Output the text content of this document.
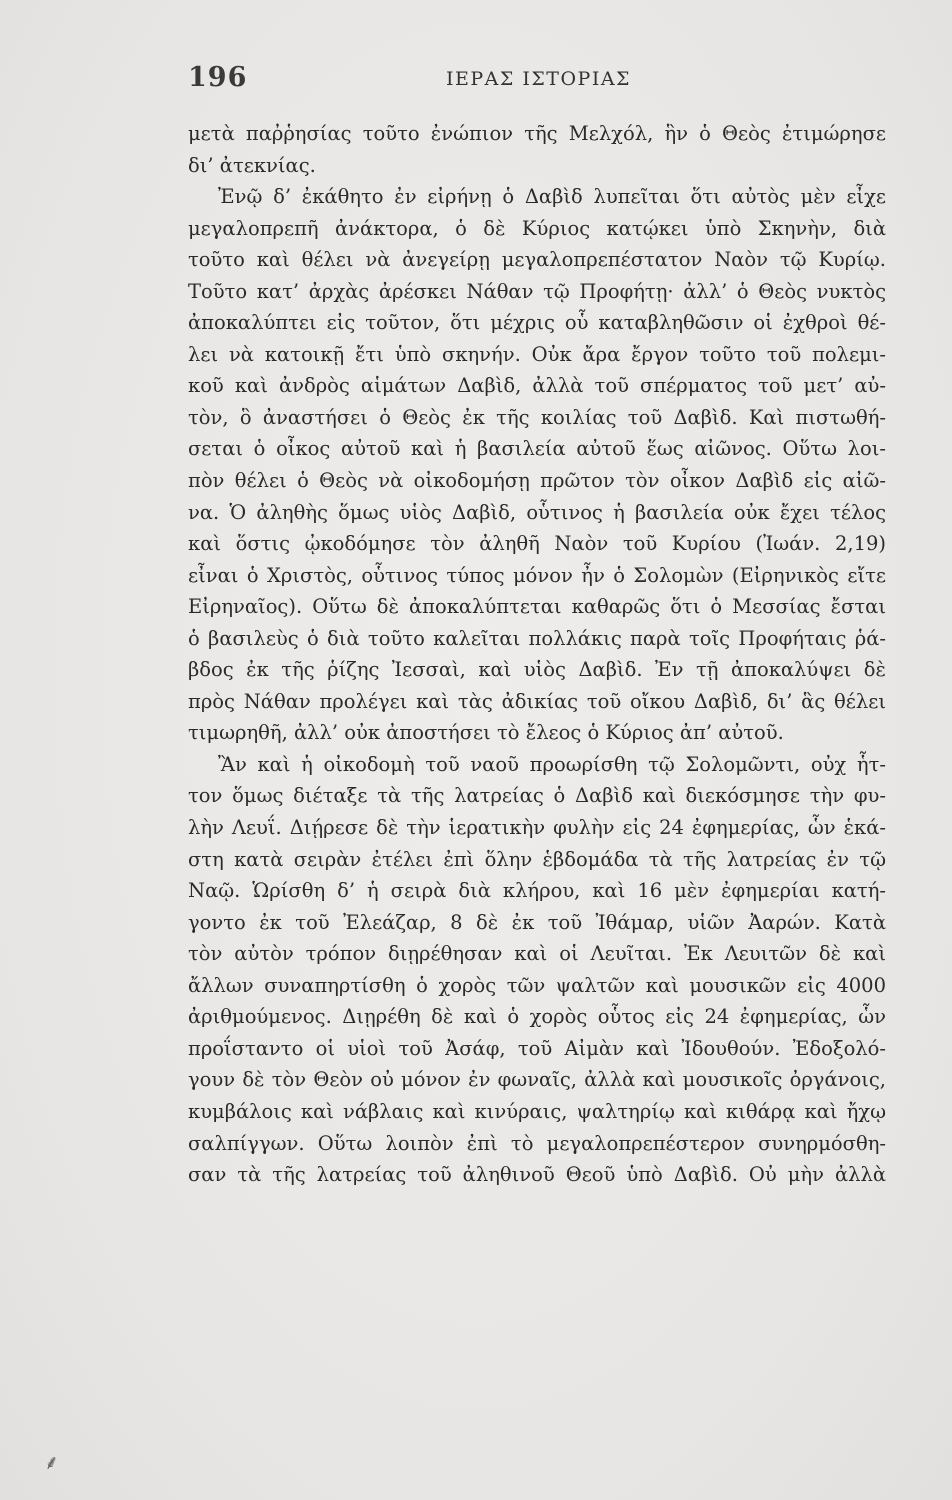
196	ΙΕΡΑΣ ΙΣΤΟΡΙΑΣ
μετὰ παῤῥησίας τοῦτο ἐνώπιον τῆς Μελχόλ, ἣν ὁ Θεὸς ἐτιμώρησε
δι’ ἀτεκνίας.
Ἐνῷ δ’ ἐκάθητο ἐν εἰρήνῃ ὁ Δαβὶδ λυπεῖται ὅτι αὐτὸς μὲν εἶχε
μεγαλοπρεπῆ ἀνάκτορα, ὁ δὲ Κύριος κατῴκει ὑπὸ Σκηνὴν, διὰ
τοῦτο καὶ θέλει νὰ ἀνεγείρῃ μεγαλοπρεπέστατον Ναὸν τῷ Κυρίῳ.
Τοῦτο κατ’ ἀρχὰς ἀρέσκει Νάθαν τῷ Προφήτῃ· ἀλλ’ ὁ Θεὸς νυκτὸς
ἀποκαλύπτει εἰς τοῦτον, ὅτι μέχρις οὗ καταβληθῶσιν οἱ ἐχθροὶ θέ-
λει νὰ κατοικῇ ἔτι ὑπὸ σκηνήν. Οὐκ ἄρα ἔργον τοῦτο τοῦ πολεμι-
κοῦ καὶ ἀνδρὸς αἱμάτων Δαβὶδ, ἀλλὰ τοῦ σπέρματος τοῦ μετ’ αὐ-
τὸν, ὃ ἀναστήσει ὁ Θεὸς ἐκ τῆς κοιλίας τοῦ Δαβὶδ. Καὶ πιστωθή-
σεται ὁ οἶκος αὐτοῦ καὶ ἡ βασιλεία αὐτοῦ ἕως αἰῶνος. Οὕτω λοι-
πὸν θέλει ὁ Θεὸς νὰ οἰκοδομήσῃ πρῶτον τὸν οἶκον Δαβὶδ εἰς αἰῶ-
να. Ὁ ἀληθὴς ὅμως υἱὸς Δαβὶδ, οὗτινος ἡ βασιλεία οὐκ ἔχει τέλος
καὶ ὅστις ᾠκοδόμησε τὸν ἀληθῆ Ναὸν τοῦ Κυρίου (Ἰωάν. 2,19)
εἶναι ὁ Χριστὸς, οὗτινος τύπος μόνον ἦν ὁ Σολομὼν (Εἰρηνικὸς εἴτε
Εἰρηναῖος). Οὕτω δὲ ἀποκαλύπτεται καθαρῶς ὅτι ὁ Μεσσίας ἔσται
ὁ βασιλεὺς ὁ διὰ τοῦτο καλεῖται πολλάκις παρὰ τοῖς Προφήταις ῥά-
βδος ἐκ τῆς ῥίζης Ἰεσσαὶ, καὶ υἱὸς Δαβὶδ. Ἐν τῇ ἀποκαλύψει δὲ
πρὸς Νάθαν προλέγει καὶ τὰς ἀδικίας τοῦ οἴκου Δαβὶδ, δι’ ἃς θέλει
τιμωρηθῆ, ἀλλ’ οὐκ ἀποστήσει τὸ ἔλεος ὁ Κύριος ἀπ’ αὐτοῦ.
Ἂν καὶ ἡ οἰκοδομὴ τοῦ ναοῦ προωρίσθη τῷ Σολομῶντι, οὐχ ἧτ-
τον ὅμως διέταξε τὰ τῆς λατρείας ὁ Δαβὶδ καὶ διεκόσμησε τὴν φυ-
λὴν Λευΐ. Διῄρεσε δὲ τὴν ἱερατικὴν φυλὴν εἰς 24 ἐφημερίας, ὧν ἑκά-
στη κατὰ σειρὰν ἐτέλει ἐπὶ ὅλην ἑβδομάδα τὰ τῆς λατρείας ἐν τῷ
Ναῷ. Ὡρίσθη δ’ ἡ σειρὰ διὰ κλήρου, καὶ 16 μὲν ἐφημερίαι κατή-
γοντο ἐκ τοῦ Ἐλεάζαρ, 8 δὲ ἐκ τοῦ Ἰθάμαρ, υἱῶν Ἀαρών. Κατὰ
τὸν αὐτὸν τρόπον διῃρέθησαν καὶ οἱ Λευῖται. Ἐκ Λευιτῶν δὲ καὶ
ἄλλων συναπηρτίσθη ὁ χορὸς τῶν ψαλτῶν καὶ μουσικῶν εἰς 4000
ἀριθμούμενος. Διῃρέθη δὲ καὶ ὁ χορὸς οὗτος εἰς 24 ἐφημερίας, ὧν
προΐσταντο οἱ υἱοὶ τοῦ Ἀσάφ, τοῦ Αἰμὰν καὶ Ἰδουθούν. Ἐδοξολό-
γουν δὲ τὸν Θεὸν οὐ μόνον ἐν φωναῖς, ἀλλὰ καὶ μουσικοῖς ὀργάνοις,
κυμβάλοις καὶ νάβλαις καὶ κινύραις, ψαλτηρίῳ καὶ κιθάρᾳ καὶ ἤχῳ
σαλπίγγων. Οὕτω λοιπὸν ἐπὶ τὸ μεγαλοπρεπέστερον συνηρμόσθη-
σαν τὰ τῆς λατρείας τοῦ ἀληθινοῦ Θεοῦ ὑπὸ Δαβὶδ. Οὐ μὴν ἀλλὰ
⸙
